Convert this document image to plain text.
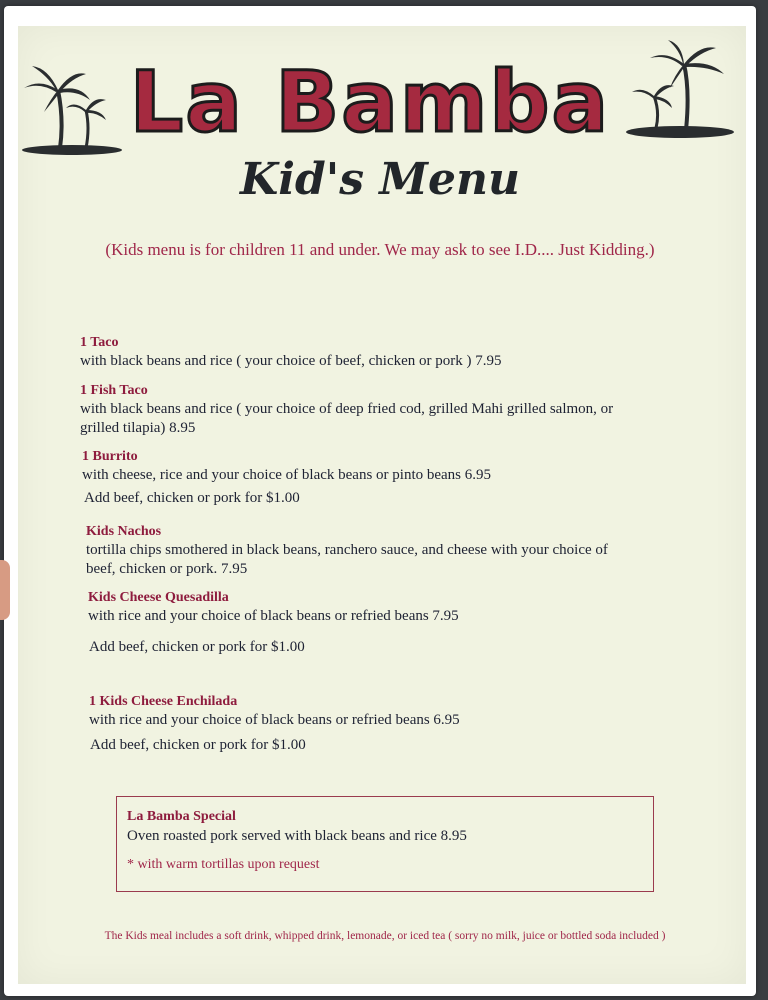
La Bamba
Kid's Menu
(Kids menu is for children 11 and under. We may ask to see I.D.... Just Kidding.)
1 Taco
with black beans and rice ( your choice of beef, chicken or pork ) 7.95
1 Fish Taco
with black beans and rice ( your choice of deep fried cod, grilled Mahi grilled salmon, or
grilled tilapia) 8.95
1 Burrito
with cheese, rice and your choice of black beans or pinto beans 6.95
Add beef, chicken or pork for $1.00
Kids Nachos
tortilla chips smothered in black beans, ranchero sauce, and cheese with your choice of
beef, chicken or pork. 7.95
Kids Cheese Quesadilla
with rice and your choice of black beans or refried beans 7.95
Add beef, chicken or pork for $1.00
1 Kids Cheese Enchilada
with rice and your choice of black beans or refried beans 6.95
Add beef, chicken or pork for $1.00
La Bamba Special
Oven roasted pork served with black beans and rice 8.95
* with warm tortillas upon request
The Kids meal includes a soft drink, whipped drink, lemonade, or iced tea ( sorry no milk, juice or bottled soda included )
